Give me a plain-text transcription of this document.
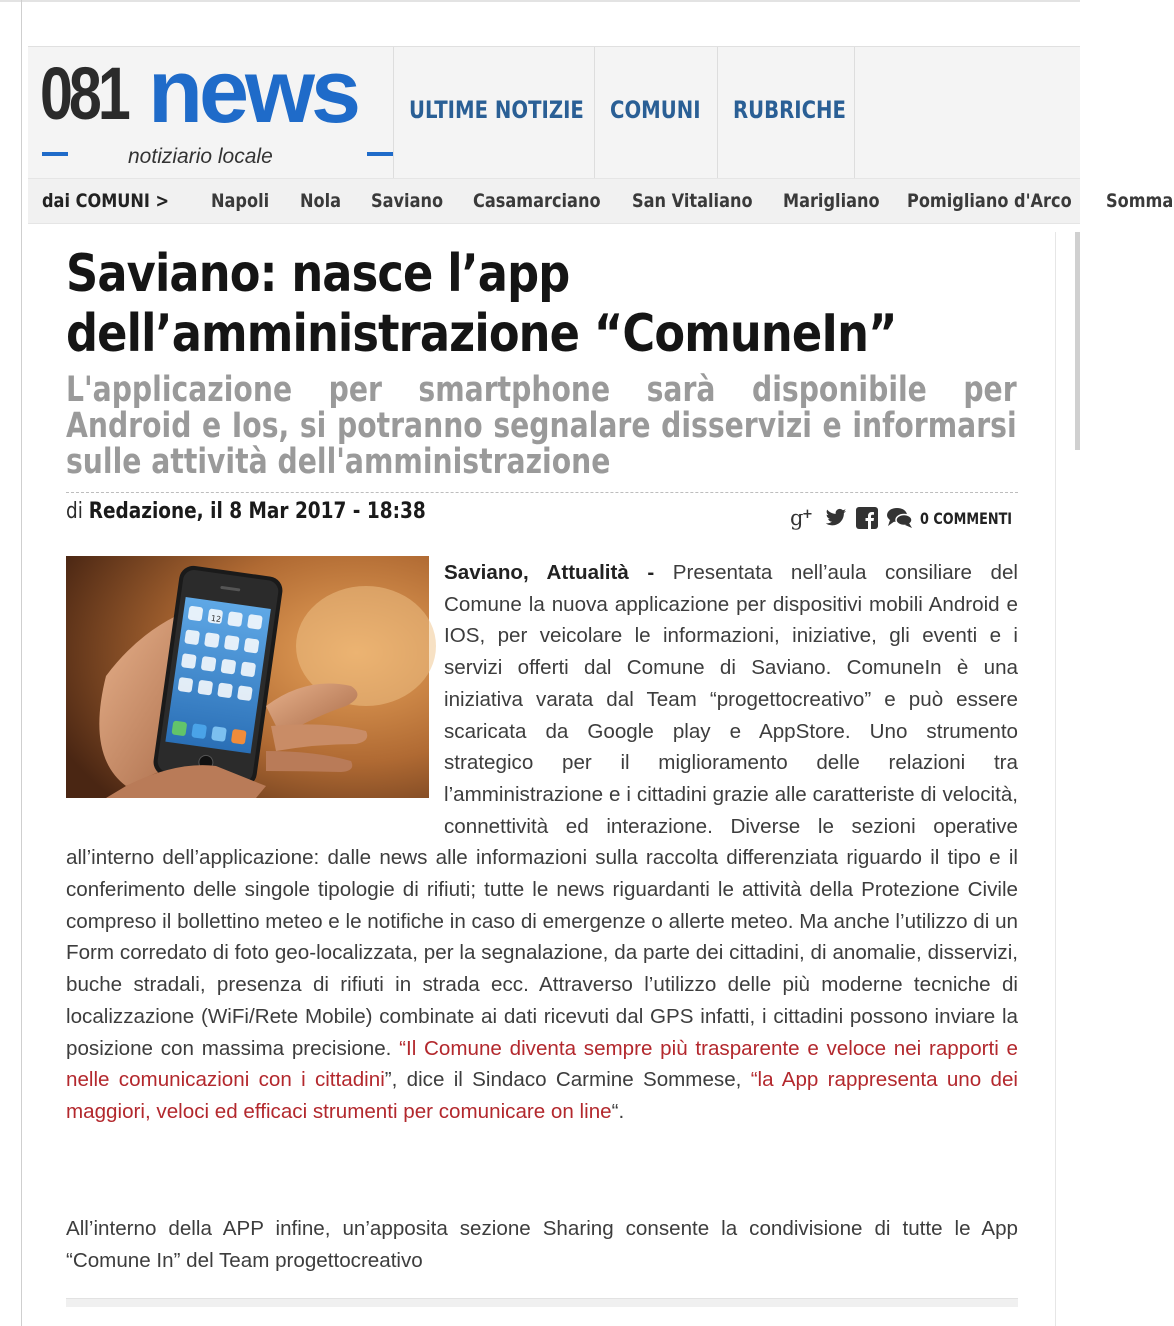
081 news
notiziario locale
ULTIME NOTIZIE COMUNI RUBRICHE
dai COMUNI > Napoli Nola Saviano Casamarciano San Vitaliano Marigliano Pomigliano d'Arco Somma
Saviano: nasce l’app dell’amministrazione “ComuneIn”
L'applicazione per smartphone sarà disponibile per Android e Ios, si potranno segnalare disservizi e informarsi sulle attività dell'amministrazione
di Redazione, il 8 Mar 2017 - 18:38	g
+	0 COMMENTI
12

Saviano, Attualità - Presentata nell’aula consiliare del Comune la nuova applicazione per dispositivi mobili Android e IOS, per veicolare le informazioni, iniziative, gli eventi e i servizi offerti dal Comune di Saviano. ComuneIn è una iniziativa varata dal Team “progettocreativo” e può essere scaricata da Google play e AppStore. Uno strumento strategico per il miglioramento delle relazioni tra l’amministrazione e i cittadini grazie alle caratteriste di velocità, connettività ed interazione. Diverse le sezioni operative all’interno dell’applicazione: dalle news alle informazioni sulla raccolta differenziata riguardo il tipo e il conferimento delle singole tipologie di rifiuti; tutte le news riguardanti le attività della Protezione Civile compreso il bollettino meteo e le notifiche in caso di emergenze o allerte meteo. Ma anche l’utilizzo di un Form corredato di foto geo-localizzata, per la segnalazione, da parte dei cittadini, di anomalie, disservizi, buche stradali, presenza di rifiuti in strada ecc. Attraverso l’utilizzo delle più moderne tecniche di localizzazione (WiFi/Rete Mobile) combinate ai dati ricevuti dal GPS infatti, i cittadini possono inviare la posizione con massima precisione. “Il Comune diventa sempre più trasparente e veloce nei rapporti e nelle comunicazioni con i cittadini”, dice il Sindaco Carmine Sommese, “la App rappresenta uno dei maggiori, veloci ed efficaci strumenti per comunicare on line“.

All’interno della APP infine, un’apposita sezione Sharing consente la condivisione di tutte le App “Comune In” del Team progettocreativo
